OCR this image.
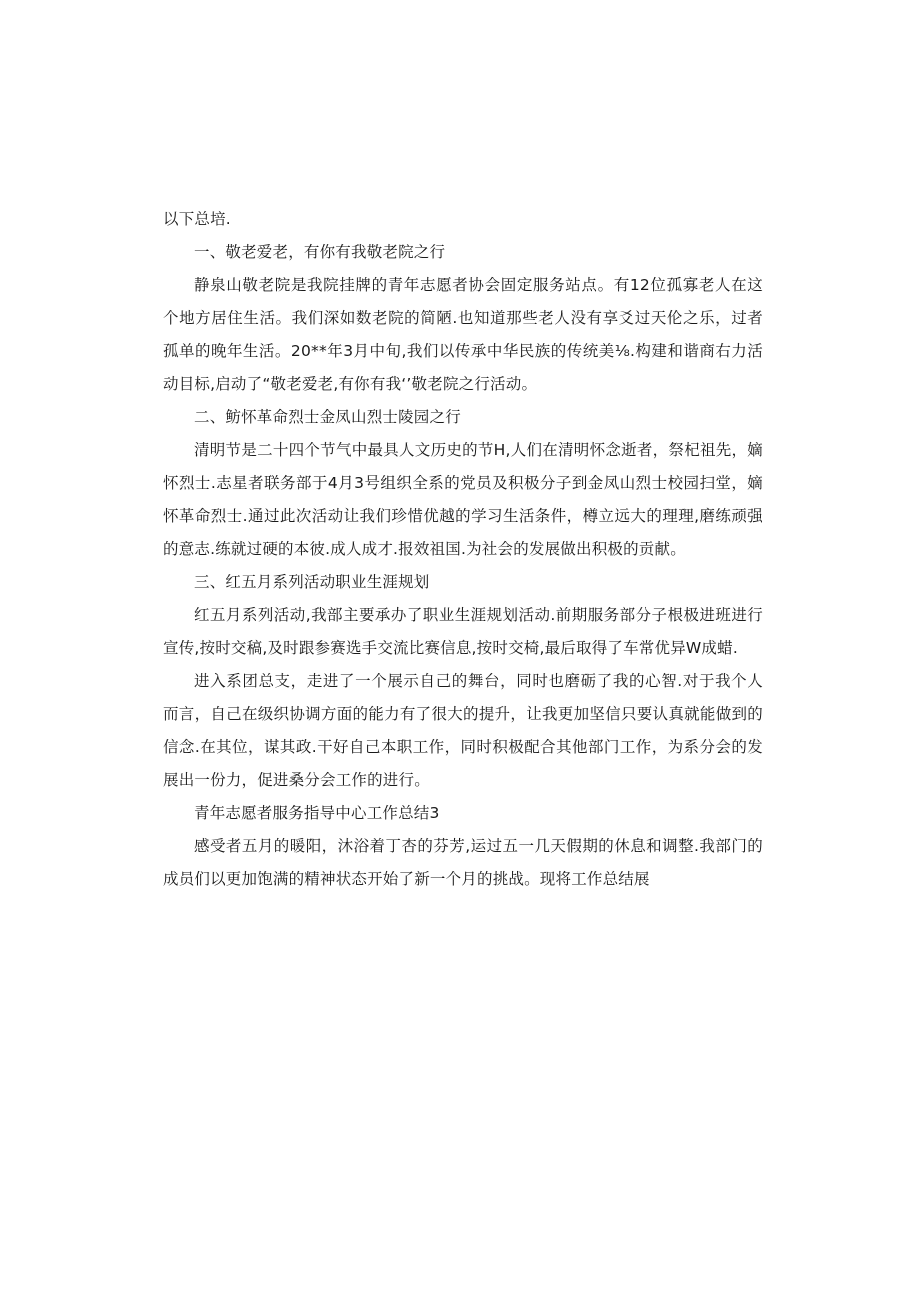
以下总培.

一、敬老爱老，有你有我敬老院之行

静泉山敬老院是我院挂牌的青年志愿者协会固定服务站点。有12位孤寡老人在这个地方居住生活。我们深如数老院的简陋.也知道那些老人没有享爻过天伦之乐，过者孤单的晚年生活。20**年3月中旬,我们以传承中华民族的传统美⅛.构建和谐商右力活动目标,启动了“敬老爱老,有你有我‘’敬老院之行活动。

二、鲂怀革命烈士金凤山烈士陵园之行

清明节是二十四个节气中最具人文历史的节H,人们在清明怀念逝者，祭杞祖先，嫡怀烈士.志星者联务部于4月3号组织全系的党员及积极分子到金凤山烈士校园扫堂，嫡怀革命烈士.通过此次活动让我们珍惜优越的学习生活条件，樽立远大的理理,磨练顽强的意志.练就过硬的本彼.成人成才.报效祖国.为社会的发展做出积极的贡献。

三、红五月系列活动职业生涯规划

红五月系列活动,我部主要承办了职业生涯规划活动.前期服务部分子根极进班进行宣传,按时交稿,及时跟参赛选手交流比赛信息,按时交椅,最后取得了车常优异W成蜡.

进入系团总支，走进了一个展示自己的舞台，同时也磨砺了我的心智.对于我个人而言，自己在级织协调方面的能力有了很大的提升，让我更加坚信只要认真就能做到的信念.在其位，谋其政.干好自己本职工作，同时积极配合其他部门工作，为系分会的发展出一份力，促进桑分会工作的进行。

青年志愿者服务指导中心工作总结3

感受者五月的暖阳，沐浴着丁杏的芬芳,运过五一几天假期的休息和调整.我部门的成员们以更加饱满的精神状态开始了新一个月的挑战。现将工作总结展
